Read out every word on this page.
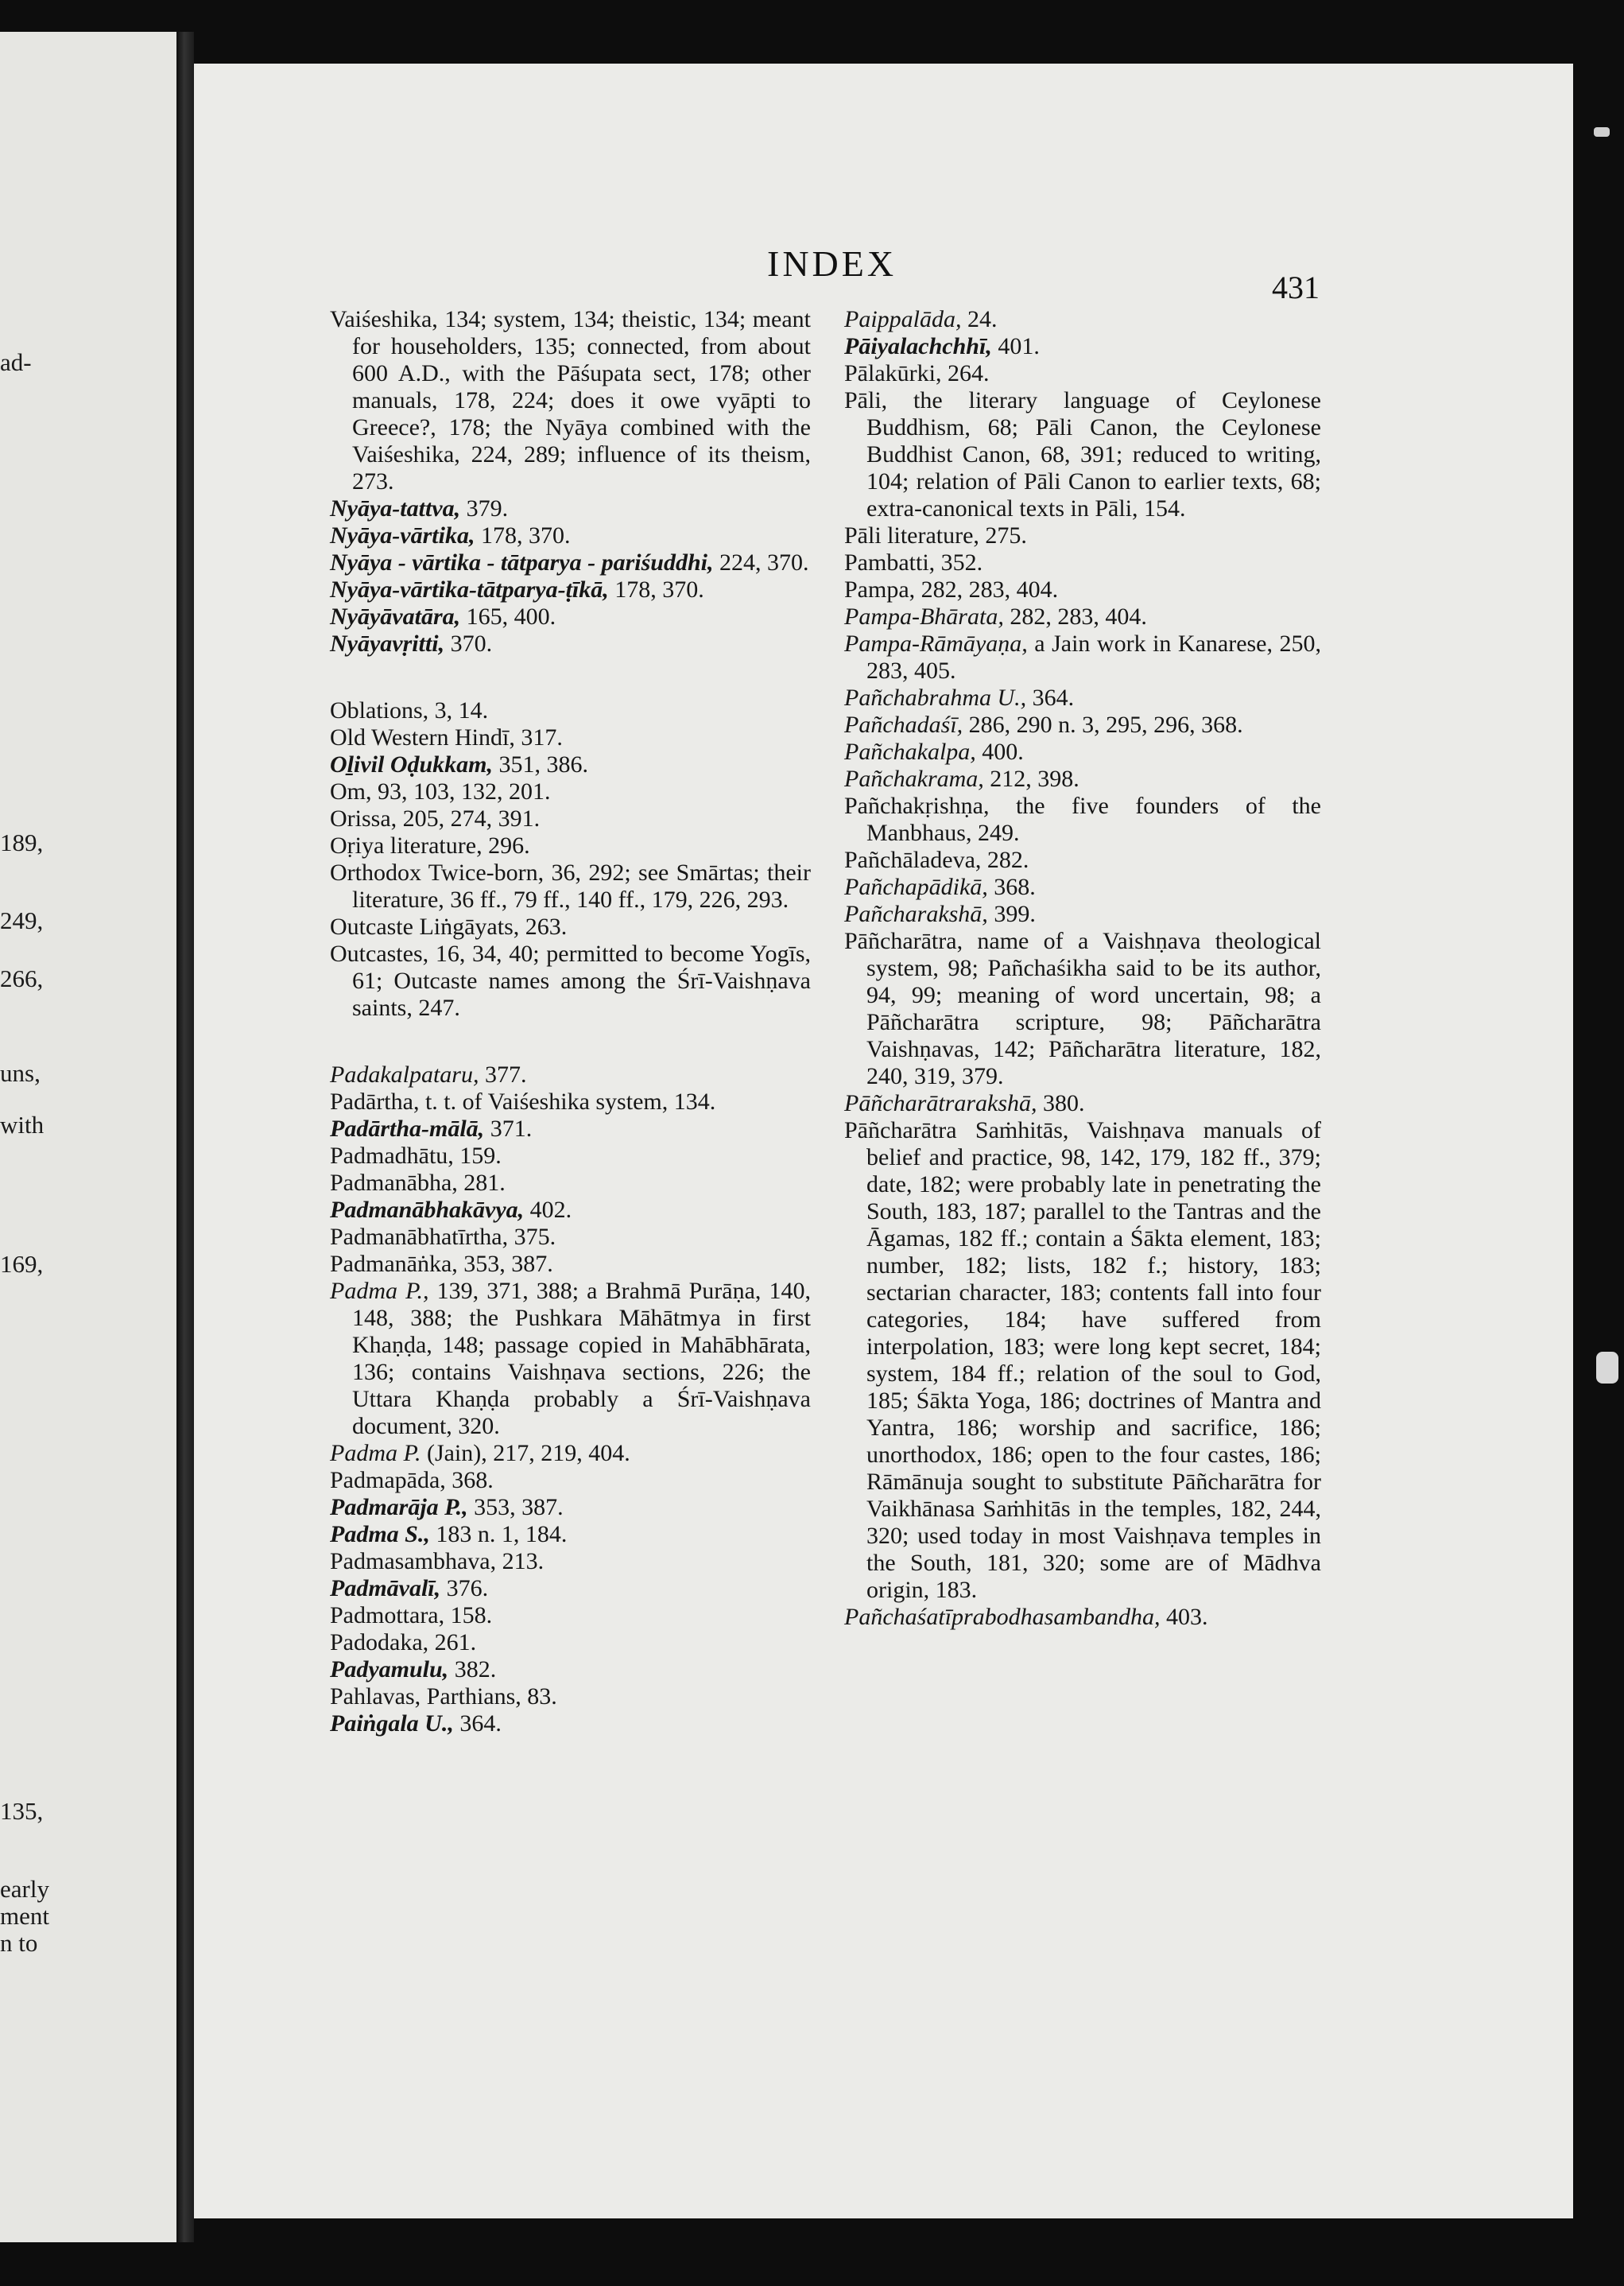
ad-
189,
249,
266,
uns,
with
169,
135,
early
ment
n to
INDEX
431

Vaiśeshika, 134; system, 134; theistic, 134; meant for householders, 135; connected, from about 600 A.D., with the Pāśupata sect, 178; other manuals, 178, 224; does it owe vyāpti to Greece?, 178; the Nyāya combined with the Vaiśeshika, 224, 289; influence of its theism, 273.

Nyāya-tattva, 379.

Nyāya-vārtika, 178, 370.

Nyāya - vārtika - tātparya - pariśuddhi, 224, 370.

Nyāya-vārtika-tātparya-ṭīkā, 178, 370.

Nyāyāvatāra, 165, 400.

Nyāyavṛitti, 370.

Oblations, 3, 14.

Old Western Hindī, 317.

Oḻivil Oḍukkam, 351, 386.

Om, 93, 103, 132, 201.

Orissa, 205, 274, 391.

Oṛiya literature, 296.

Orthodox Twice-born, 36, 292; see Smārtas; their literature, 36 ff., 79 ff., 140 ff., 179, 226, 293.

Outcaste Liṅgāyats, 263.

Outcastes, 16, 34, 40; permitted to become Yogīs, 61; Outcaste names among the Śrī-Vaishṇava saints, 247.

Padakalpataru, 377.

Padārtha, t. t. of Vaiśeshika system, 134.

Padārtha-mālā, 371.

Padmadhātu, 159.

Padmanābha, 281.

Padmanābhakāvya, 402.

Padmanābhatīrtha, 375.

Padmanāṅka, 353, 387.

Padma P., 139, 371, 388; a Brahmā Purāṇa, 140, 148, 388; the Pushkara Māhātmya in first Khaṇḍa, 148; passage copied in Mahābhārata, 136; contains Vaishṇava sections, 226; the Uttara Khaṇḍa probably a Śrī-Vaishṇava document, 320.

Padma P. (Jain), 217, 219, 404.

Padmapāda, 368.

Padmarāja P., 353, 387.

Padma S., 183 n. 1, 184.

Padmasambhava, 213.

Padmāvalī, 376.

Padmottara, 158.

Padodaka, 261.

Padyamulu, 382.

Pahlavas, Parthians, 83.

Paiṅgala U., 364.

Paippalāda, 24.

Pāiyalachchhī, 401.

Pālakūrki, 264.

Pāli, the literary language of Ceylonese Buddhism, 68; Pāli Canon, the Ceylonese Buddhist Canon, 68, 391; reduced to writing, 104; relation of Pāli Canon to earlier texts, 68; extra-canonical texts in Pāli, 154.

Pāli literature, 275.

Pambatti, 352.

Pampa, 282, 283, 404.

Pampa-Bhārata, 282, 283, 404.

Pampa-Rāmāyaṇa, a Jain work in Kanarese, 250, 283, 405.

Pañchabrahma U., 364.

Pañchadaśī, 286, 290 n. 3, 295, 296, 368.

Pañchakalpa, 400.

Pañchakrama, 212, 398.

Pañchakṛishṇa, the five founders of the Manbhaus, 249.

Pañchāladeva, 282.

Pañchapādikā, 368.

Pañcharakshā, 399.

Pāñcharātra, name of a Vaishṇava theological system, 98; Pañchaśikha said to be its author, 94, 99; meaning of word uncertain, 98; a Pāñcharātra scripture, 98; Pāñcharātra Vaishṇavas, 142; Pāñcharātra literature, 182, 240, 319, 379.

Pāñcharātrarakshā, 380.

Pāñcharātra Saṁhitās, Vaishṇava manuals of belief and practice, 98, 142, 179, 182 ff., 379; date, 182; were probably late in penetrating the South, 183, 187; parallel to the Tantras and the Āgamas, 182 ff.; contain a Śākta element, 183; number, 182; lists, 182 f.; history, 183; sectarian character, 183; contents fall into four categories, 184; have suffered from interpolation, 183; were long kept secret, 184; system, 184 ff.; relation of the soul to God, 185; Śākta Yoga, 186; doctrines of Mantra and Yantra, 186; worship and sacrifice, 186; unorthodox, 186; open to the four castes, 186; Rāmānuja sought to substitute Pāñcharātra for Vaikhānasa Saṁhitās in the temples, 182, 244, 320; used today in most Vaishṇava temples in the South, 181, 320; some are of Mādhva origin, 183.

Pañchaśatīprabodhasambandha, 403.
